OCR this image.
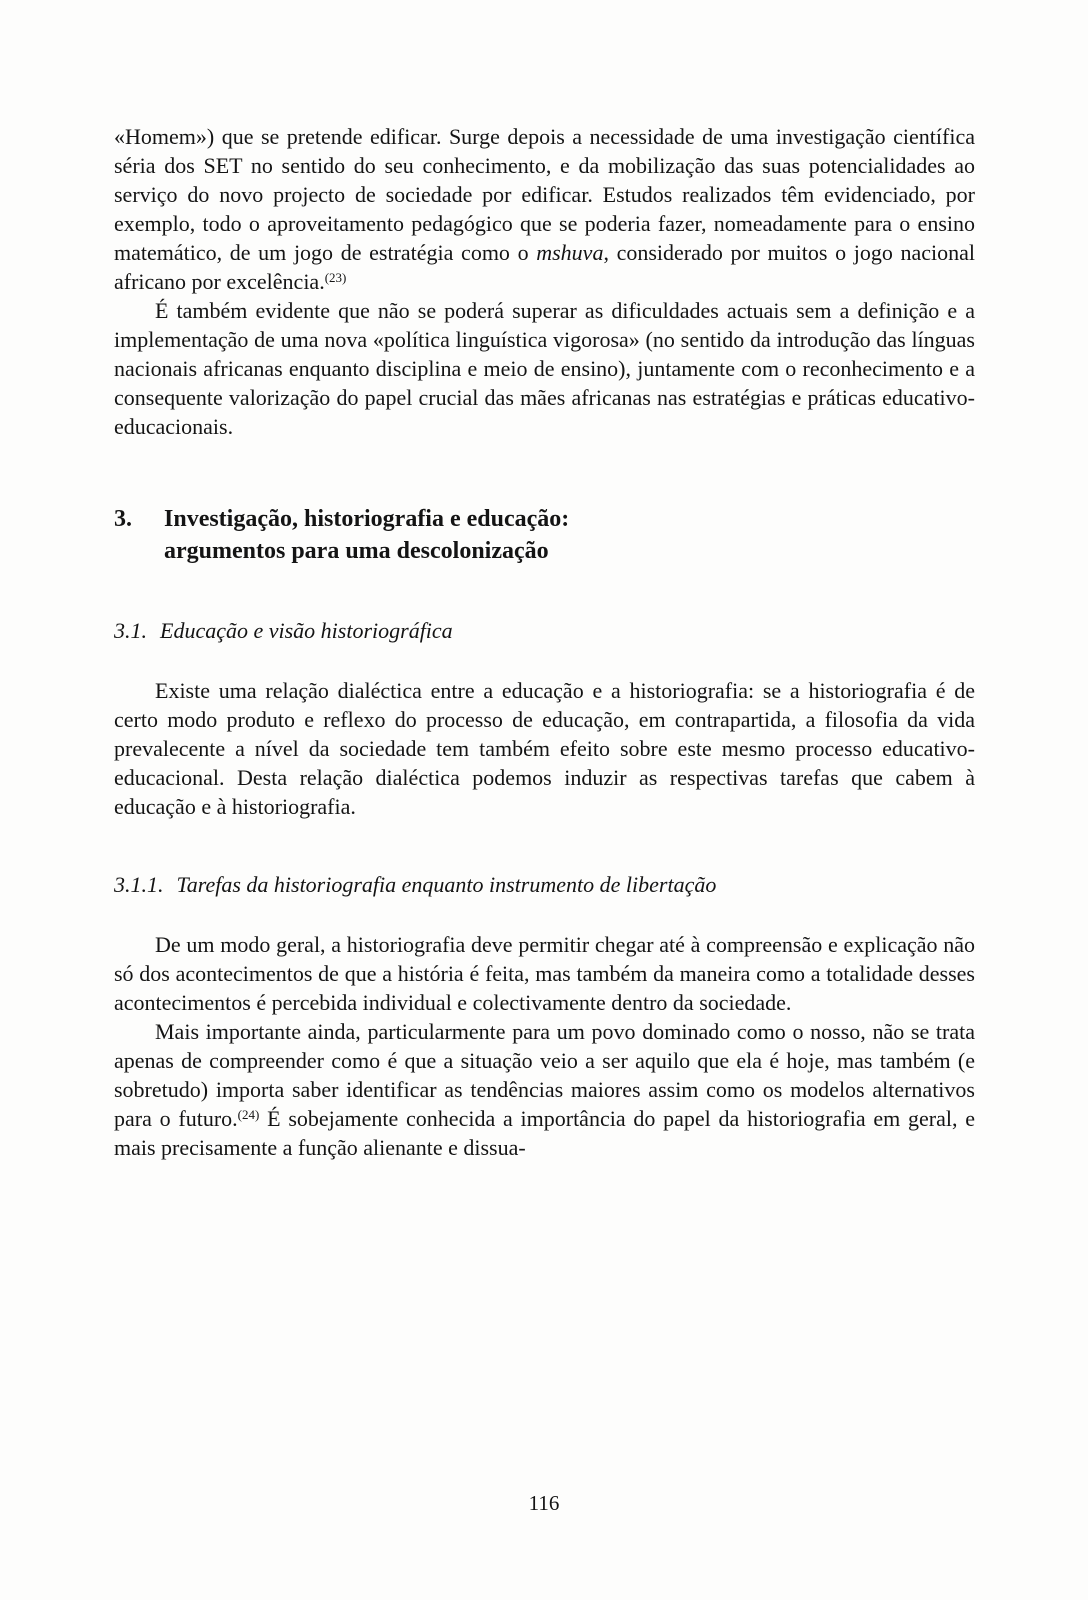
«Homem») que se pretende edificar. Surge depois a necessidade de uma investigação científica séria dos SET no sentido do seu conhecimento, e da mobilização das suas potencialidades ao serviço do novo projecto de sociedade por edificar. Estudos realizados têm evidenciado, por exemplo, todo o aproveitamento pedagógico que se poderia fazer, nomeadamente para o ensino matemático, de um jogo de estratégia como o mshuva, considerado por muitos o jogo nacional africano por excelência.$^{(23)}$

É também evidente que não se poderá superar as dificuldades actuais sem a definição e a implementação de uma nova «política linguística vigorosa» (no sentido da introdução das línguas nacionais africanas enquanto disciplina e meio de ensino), juntamente com o reconhecimento e a consequente valorização do papel crucial das mães africanas nas estratégias e práticas educativo-educacionais.

3.	Investigação, historiografia e educação:
argumentos para uma descolonização
3.1. Educação e visão historiográfica

Existe uma relação dialéctica entre a educação e a historiografia: se a historiografia é de certo modo produto e reflexo do processo de educação, em contrapartida, a filosofia da vida prevalecente a nível da sociedade tem também efeito sobre este mesmo processo educativo-educacional. Desta relação dialéctica podemos induzir as respectivas tarefas que cabem à educação e à historiografia.

3.1.1. Tarefas da historiografia enquanto instrumento de libertação

De um modo geral, a historiografia deve permitir chegar até à compreensão e explicação não só dos acontecimentos de que a história é feita, mas também da maneira como a totalidade desses acontecimentos é percebida individual e colectivamente dentro da sociedade.

Mais importante ainda, particularmente para um povo dominado como o nosso, não se trata apenas de compreender como é que a situação veio a ser aquilo que ela é hoje, mas também (e sobretudo) importa saber identificar as tendências maiores assim como os modelos alternativos para o futuro.$^{(24)}$ É sobejamente conhecida a importância do papel da historiografia em geral, e mais precisamente a função alienante e dissua-

116
